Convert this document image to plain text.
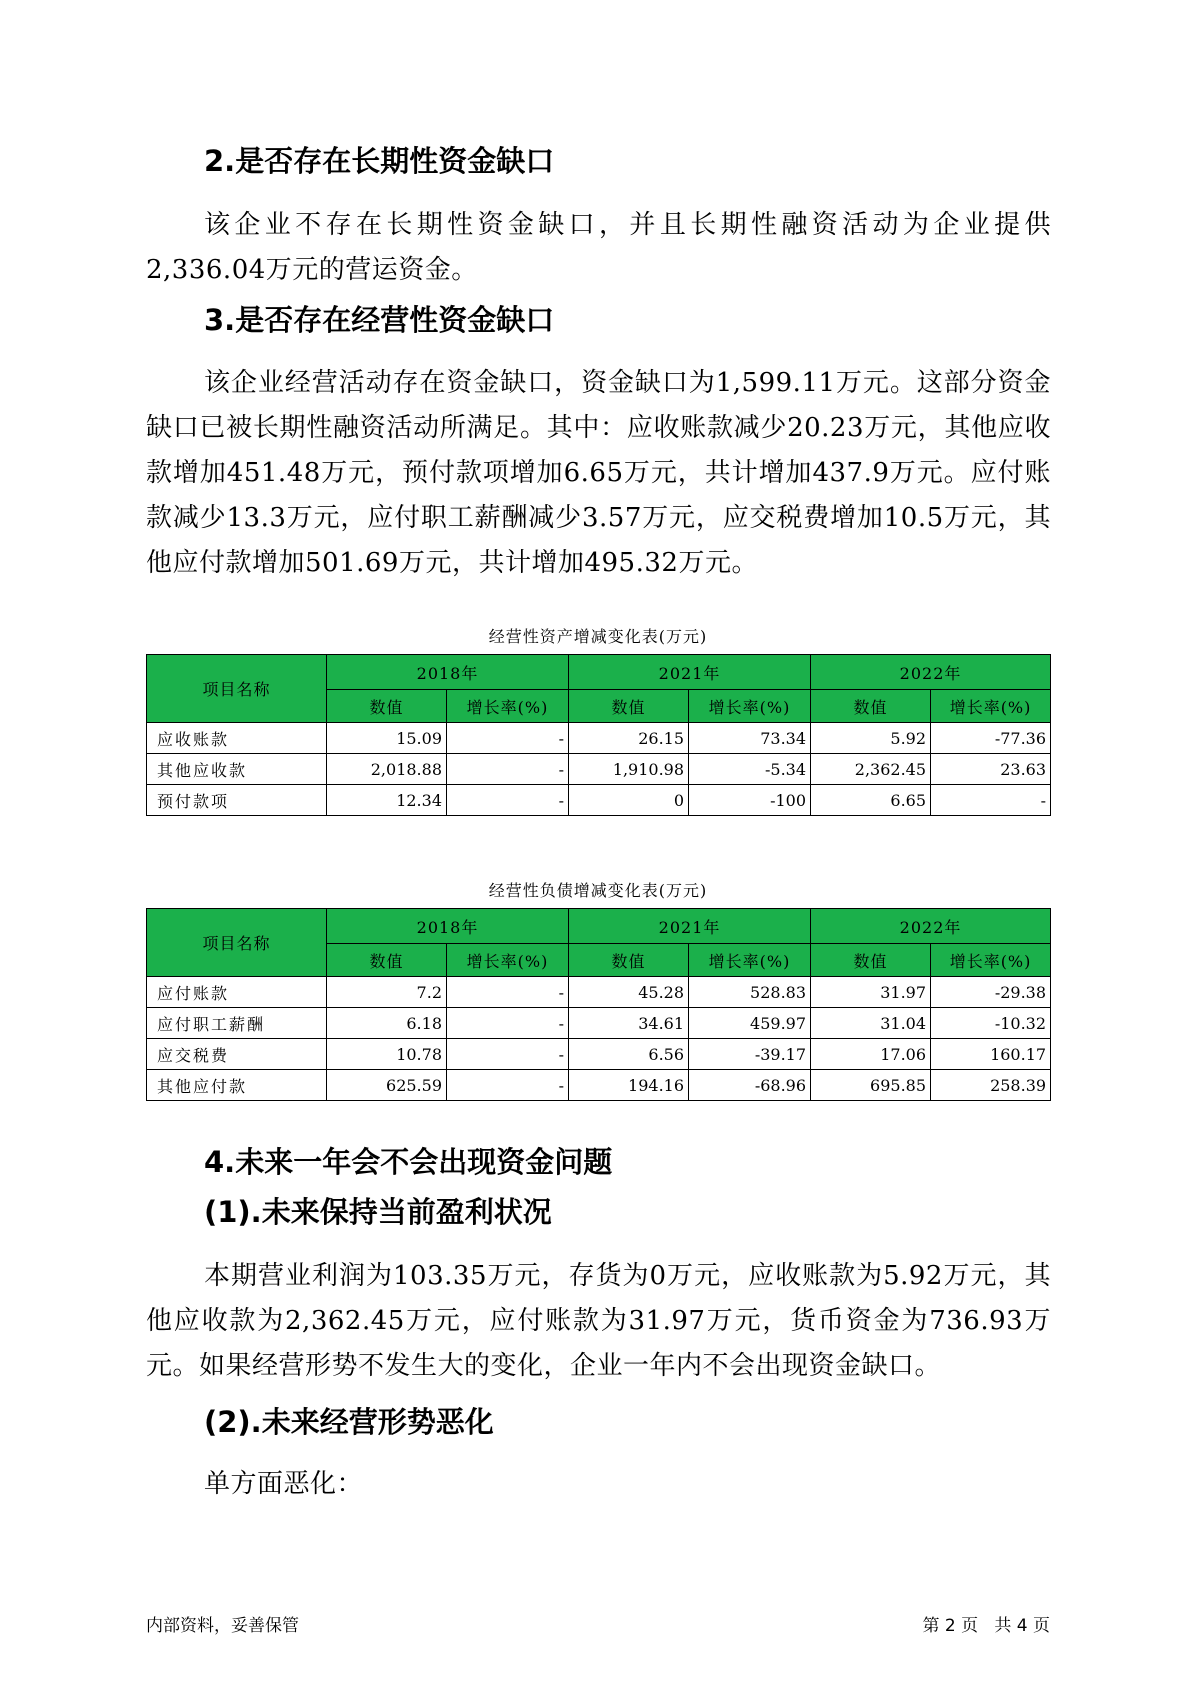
2.是否存在长期性资金缺口

该企业不存在长期性资金缺口，并且长期性融资活动为企业提供2,336.04万元的营运资金。

3.是否存在经营性资金缺口

该企业经营活动存在资金缺口，资金缺口为1,599.11万元。这部分资金缺口已被长期性融资活动所满足。其中：应收账款减少20.23万元，其他应收款增加451.48万元，预付款项增加6.65万元，共计增加437.9万元。应付账款减少13.3万元，应付职工薪酬减少3.57万元，应交税费增加10.5万元，其他应付款增加501.69万元，共计增加495.32万元。

经营性资产增减变化表(万元)
项目名称	2018年		2021年		2022年	
	数值	增长率(%)	数值	增长率(%)	数值	增长率(%)
应收账款	15.09	-	26.15	73.34	5.92	-77.36
其他应收款	2,018.88	-	1,910.98	-5.34	2,362.45	23.63
预付款项	12.34	-	0	-100	6.65	-
经营性负债增减变化表(万元)
项目名称	2018年		2021年		2022年	
	数值	增长率(%)	数值	增长率(%)	数值	增长率(%)
应付账款	7.2	-	45.28	528.83	31.97	-29.38
应付职工薪酬	6.18	-	34.61	459.97	31.04	-10.32
应交税费	10.78	-	6.56	-39.17	17.06	160.17
其他应付款	625.59	-	194.16	-68.96	695.85	258.39
4.未来一年会不会出现资金问题
(1).未来保持当前盈利状况

本期营业利润为103.35万元，存货为0万元，应收账款为5.92万元，其他应收款为2,362.45万元，应付账款为31.97万元，货币资金为736.93万元。如果经营形势不发生大的变化，企业一年内不会出现资金缺口。

(2).未来经营形势恶化

单方面恶化：

内部资料，妥善保管	第 2 页   共 4 页
